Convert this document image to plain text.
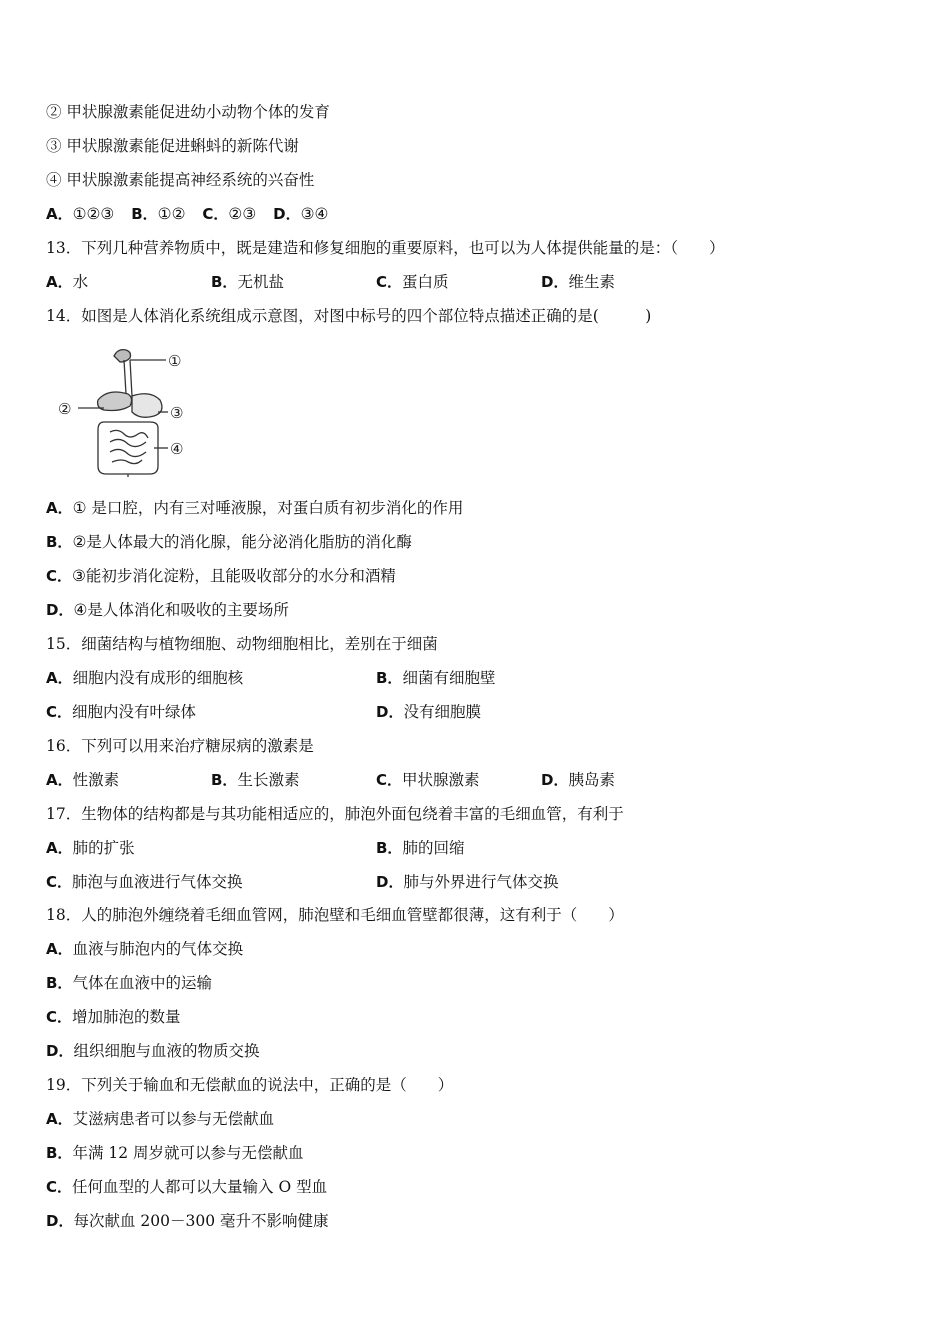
② 甲状腺激素能促进幼小动物个体的发育
③ 甲状腺激素能促进蝌蚪的新陈代谢
④ 甲状腺激素能提高神经系统的兴奋性
A．①②③ B．①② C．②③ D．③④
13．下列几种营养物质中，既是建造和修复细胞的重要原料，也可以为人体提供能量的是：（　　）
A．水	B．无机盐	C．蛋白质	D．维生素
14．如图是人体消化系统组成示意图，对图中标号的四个部位特点描述正确的是(　　　)
①
②	③
④
A．① 是口腔，内有三对唾液腺，对蛋白质有初步消化的作用
B．②是人体最大的消化腺，能分泌消化脂肪的消化酶
C．③能初步消化淀粉，且能吸收部分的水分和酒精
D．④是人体消化和吸收的主要场所
15．细菌结构与植物细胞、动物细胞相比，差别在于细菌
A．细胞内没有成形的细胞核	B．细菌有细胞壁
C．细胞内没有叶绿体	D．没有细胞膜
16．下列可以用来治疗糖尿病的激素是
A．性激素	B．生长激素	C．甲状腺激素	D．胰岛素
17．生物体的结构都是与其功能相适应的，肺泡外面包绕着丰富的毛细血管，有利于
A．肺的扩张	B．肺的回缩
C．肺泡与血液进行气体交换	D．肺与外界进行气体交换
18．人的肺泡外缠绕着毛细血管网，肺泡壁和毛细血管壁都很薄，这有利于（　　）
A．血液与肺泡内的气体交换
B．气体在血液中的运输
C．增加肺泡的数量
D．组织细胞与血液的物质交换
19．下列关于输血和无偿献血的说法中，正确的是（　　）
A．艾滋病患者可以参与无偿献血
B．年满 12 周岁就可以参与无偿献血
C．任何血型的人都可以大量输入 O 型血
D．每次献血 200－300 毫升不影响健康
